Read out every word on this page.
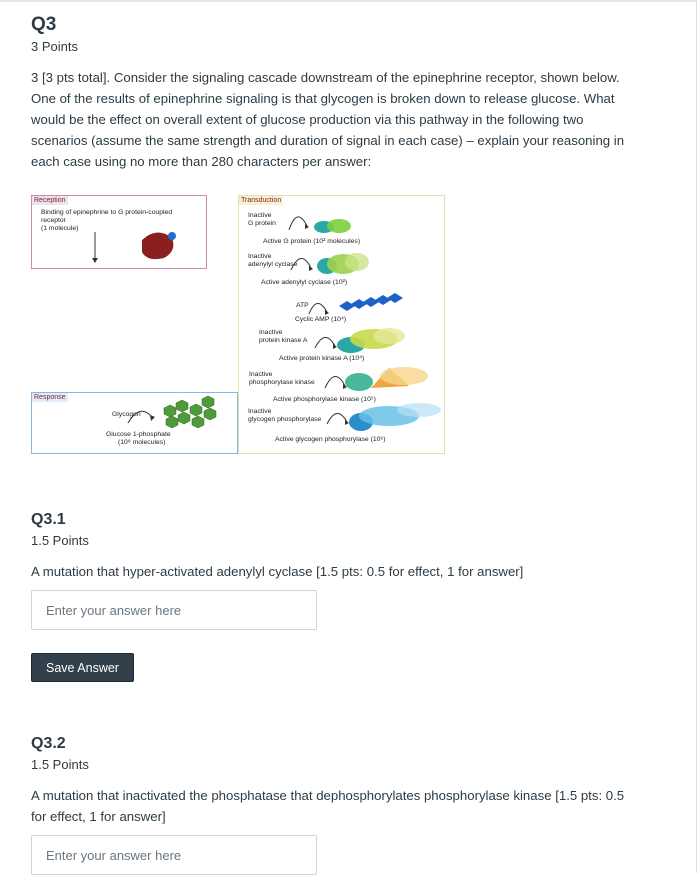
Q3
3 Points
3 [3 pts total]. Consider the signaling cascade downstream of the epinephrine receptor, shown below. One of the results of epinephrine signaling is that glycogen is broken down to release glucose. What would be the effect on overall extent of glucose production via this pathway in the following two scenarios (assume the same strength and duration of signal in each case) – explain your reasoning in each case using no more than 280 characters per answer:
Reception
Binding of epinephrine to G protein-coupled
receptor
(1 molecule)
Response
Glycogen
Glucose 1-phosphate
(10⁸ molecules)
Transduction
Inactive
G protein
Active G protein (10² molecules)
Inactive
adenylyl cyclase
Active adenylyl cyclase (10²)
ATP
Cyclic AMP (10⁴)
Inactive
protein kinase A
Active protein kinase A (10⁴)
Inactive
phosphorylase kinase
Active phosphorylase kinase (10⁵)
Inactive
glycogen phosphorylase
Active glycogen phosphorylase (10⁶)
Q3.1
1.5 Points
A mutation that hyper-activated adenylyl cyclase [1.5 pts: 0.5 for effect, 1 for answer]
Enter your answer here
Save Answer
Q3.2
1.5 Points
A mutation that inactivated the phosphatase that dephosphorylates phosphorylase kinase [1.5 pts: 0.5 for effect, 1 for answer]
Enter your answer here
